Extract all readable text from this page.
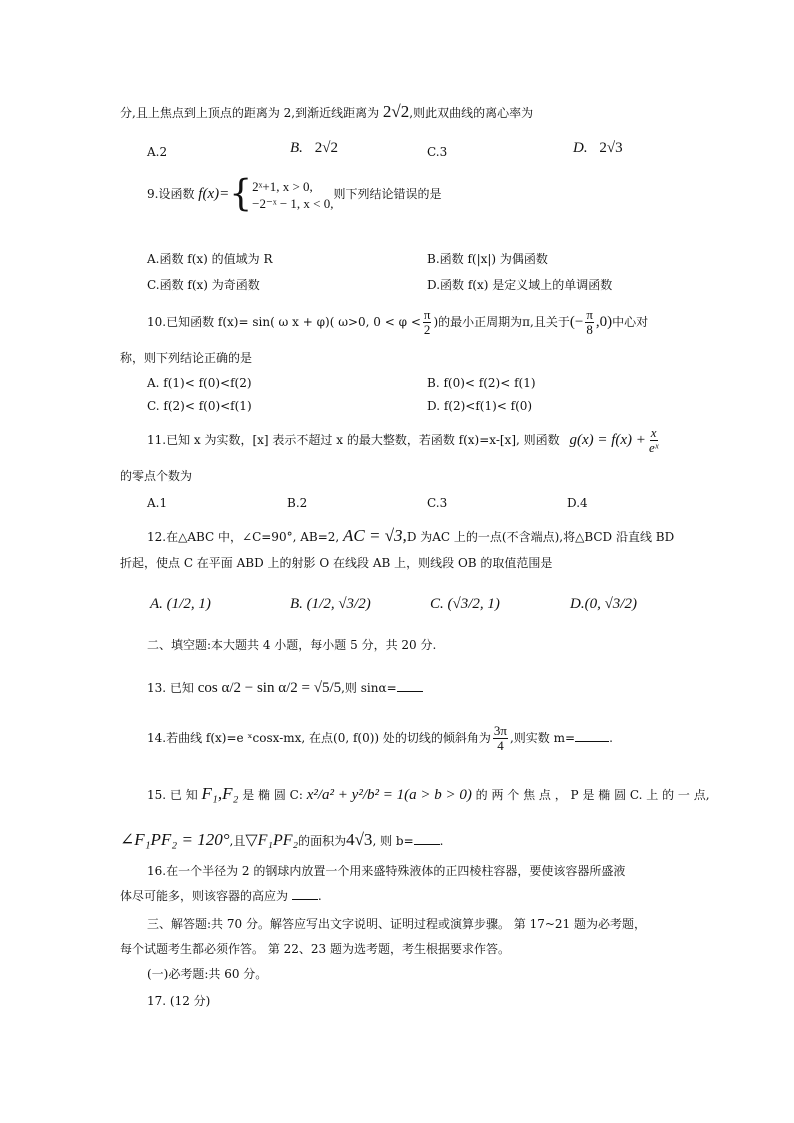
分,且上焦点到上顶点的距离为 2,到渐近线距离为 2√2,则此双曲线的离心率为
A.2	B. 2√2	C.3	D. 2√3
9.设函数 f(x)={ 2ˣ+1, x > 0,
−2⁻ˣ − 1, x < 0,
则下列结论错误的是
A.函数 f(x) 的值域为 R	B.函数 f(|x|) 为偶函数
C.函数 f(x) 为奇函数	D.函数 f(x) 是定义域上的单调函数
10.已知函数 f(x)= sin( ω x + φ)( ω>0, $0 < \varphi < \frac{\pi}{2}$ )的最小正周期为π,且关于(− $\frac{\pi}{8} ,0$)中心对
称，则下列结论正确的是
A. f(1)< f(0)<f(2)	B. f(0)< f(2)< f(1)
C. f(2)< f(0)<f(1)	D. f(2)<f(1)< f(0)
11.已知 x 为实数，[x] 表示不超过 x 的最大整数，若函数 f(x)=x-[x], 则函数 $g(x) = f(x) + \frac{x}{\text{eˣ}}$
的零点个数为
A.1	B.2	C.3	D.4
12.在△ABC 中，∠C=90°, AB=2, AC = √3,D 为AC 上的一点(不含端点),将△BCD 沿直线 BD
折起，使点 C 在平面 ABD 上的射影 O 在线段 AB 上，则线段 OB 的取值范围是
A. (1/2, 1)	B. (1/2, √3/2)	C. (√3/2, 1)	D.(0, √3/2)
二、填空题:本大题共 4 小题，每小题 5 分，共 20 分.
13. 已知 cos α/2 − sin α/2 = √5/5,则 sinα=
14.若曲线 f(x)=e ˣcosx-mx, 在点(0, f(0)) 处的切线的倾斜角为 $\frac{3\pi}{4}$ ,则实数 m=	.
15. 已 知 F₁,F₂ 是 椭 圆 C: x²/a² + y²/b² = 1(a > b > 0) 的 两 个 焦 点 ， P 是 椭 圆 C. 上 的 一 点,
∠F₁PF₂ = 120°,且▽F₁PF₂的面积为4√3, 则 b= .
16.在一个半径为 2 的钢球内放置一个用来盛特殊液体的正四棱柱容器，要使该容器所盛液
体尽可能多，则该容器的高应为 .
三、解答题:共 70 分。解答应写出文字说明、证明过程或演算步骤。 第 17~21 题为必考题，
每个试题考生都必须作答。 第 22、23 题为选考题，考生根据要求作答。
(一)必考题:共 60 分。
17. (12 分)
